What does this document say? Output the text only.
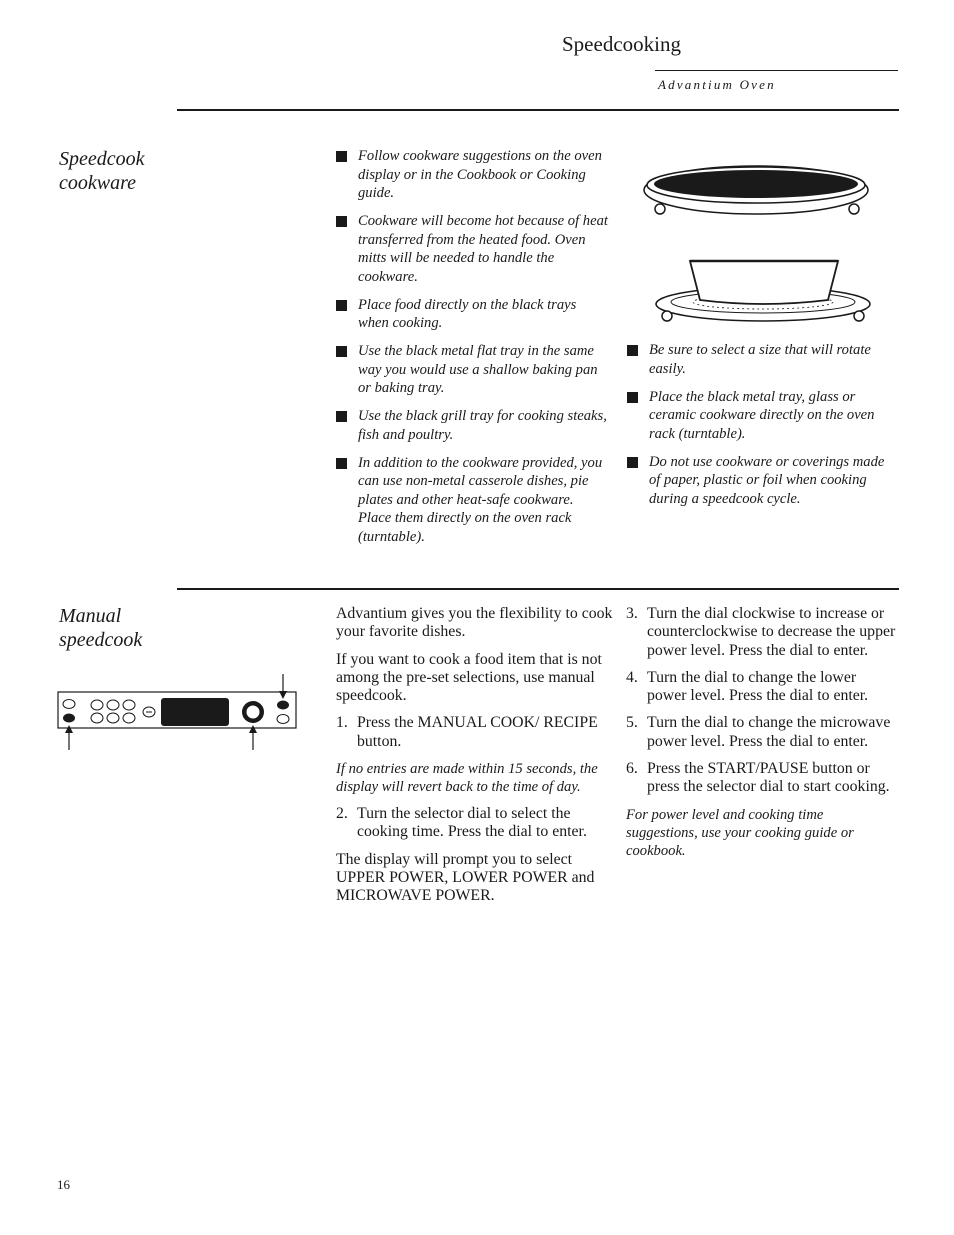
Speedcooking
Advantium Oven
Speedcook
cookware
Follow cookware suggestions on the oven display or in the Cookbook or Cooking guide.
Cookware will become hot because of heat transferred from the heated food. Oven mitts will be needed to handle the cookware.
Place food directly on the black trays when cooking.
Use the black metal flat tray in the same way you would use a shallow baking pan or baking tray.
Use the black grill tray for cooking steaks, fish and poultry.
In addition to the cookware provided, you can use non-metal casserole dishes, pie plates and other heat-safe cookware. Place them directly on the oven rack (turntable).
Be sure to select a size that will rotate easily.
Place the black metal tray, glass or ceramic cookware directly on the oven rack (turntable).
Do not use cookware or coverings made of paper, plastic or foil when cooking during a speedcook cycle.
Manual
speedcook

Advantium gives you the flexibility to cook your favorite dishes.

If you want to cook a food item that is not among the pre-set selections, use manual speedcook.

1. Press the MANUAL COOK/ RECIPE button.

If no entries are made within 15 seconds, the display will revert back to the time of day.

2. Turn the selector dial to select the cooking time. Press the dial to enter.

The display will prompt you to select UPPER POWER, LOWER POWER and MICROWAVE POWER.

3. Turn the dial clockwise to increase or counterclockwise to decrease the upper power level. Press the dial to enter.
4. Turn the dial to change the lower power level. Press the dial to enter.
5. Turn the dial to change the microwave power level. Press the dial to enter.
6. Press the START/PAUSE button or press the selector dial to start cooking.

For power level and cooking time suggestions, use your cooking guide or cookbook.

16
